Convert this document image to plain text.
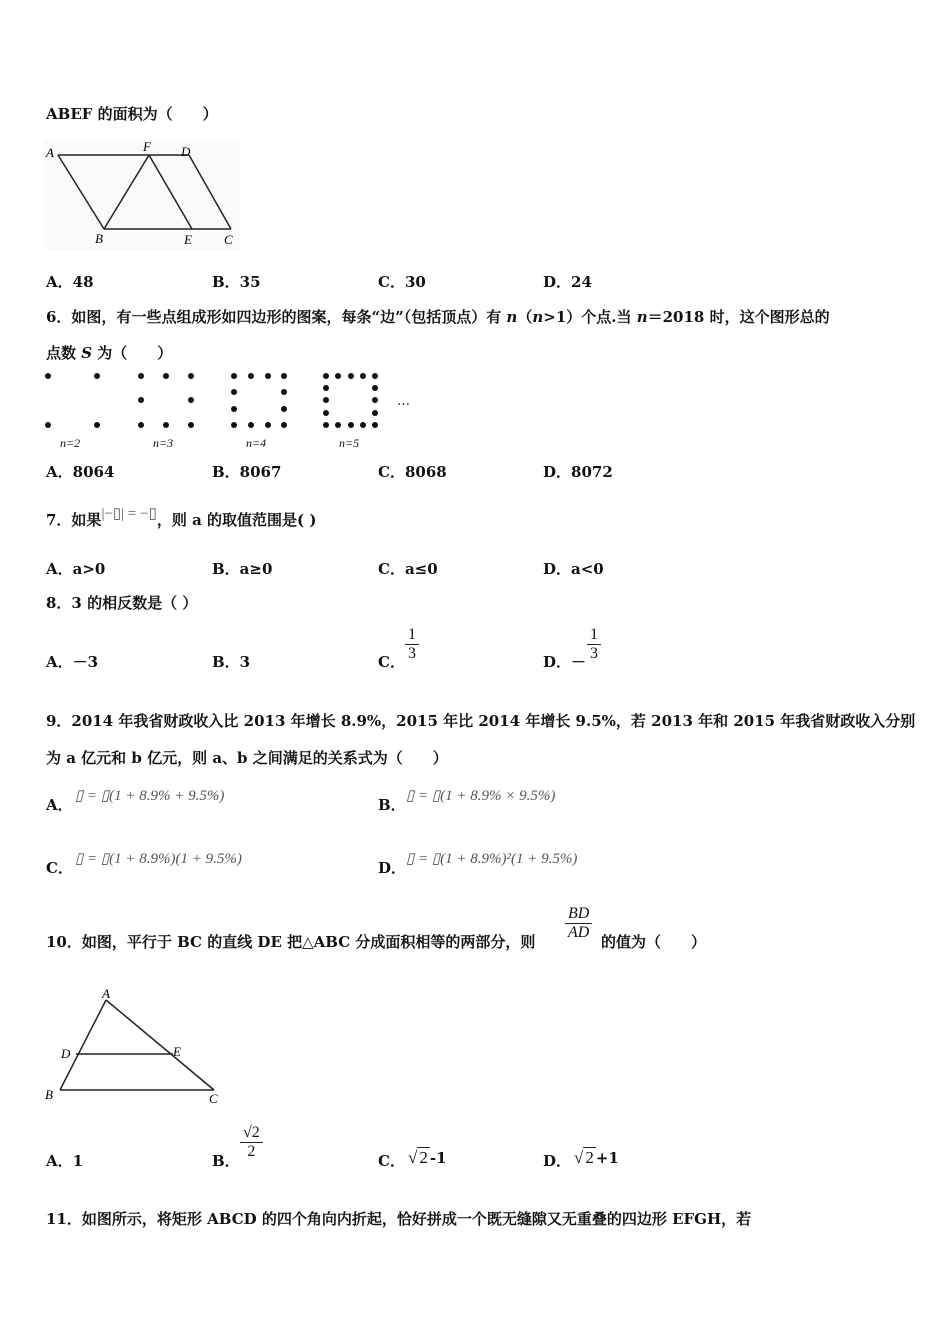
ABEF 的面积为（　　）
A	F D
B	E C
A．48	B．35	C．30	D．24
6．如图，有一些点组成形如四边形的图案，每条“边”（包括顶点）有 n（n>1）个点.当 n＝2018 时，这个图形总的
点数 S 为（　　）
…
n=2	n=3	n=4	n=5
A．8064	B．8067	C．8068	D．8072
7．如果|−▯| = −▯，则 a 的取值范围是( )
A．a>0	B．a≥0	C．a≤0	D．a<0
8．3 的相反数是（ ）
A．－3	B．3	C． $\frac{1}{3}$	D．－ $\frac{1}{3}$
9．2014 年我省财政收入比 2013 年增长 8.9%，2015 年比 2014 年增长 9.5%，若 2013 年和 2015 年我省财政收入分别
为 a 亿元和 b 亿元，则 a、b 之间满足的关系式为（　　）
A． ▯ = ▯(1 + 8.9% + 9.5%)	B． ▯ = ▯(1 + 8.9% × 9.5%)
C． ▯ = ▯(1 + 8.9%)(1 + 9.5%)	D． ▯ = ▯(1 + 8.9%)²(1 + 9.5%)
10．如图，平行于 BC 的直线 DE 把△ABC 分成面积相等的两部分，则 $\frac{BD}{AD}$ 的值为（　　）
A
D	E
B	C
A．1	B． $\frac{√2}{2}$	C． √ 2 -1	D． √ 2 +1
11．如图所示，将矩形 ABCD 的四个角向内折起，恰好拼成一个既无缝隙又无重叠的四边形 EFGH，若
